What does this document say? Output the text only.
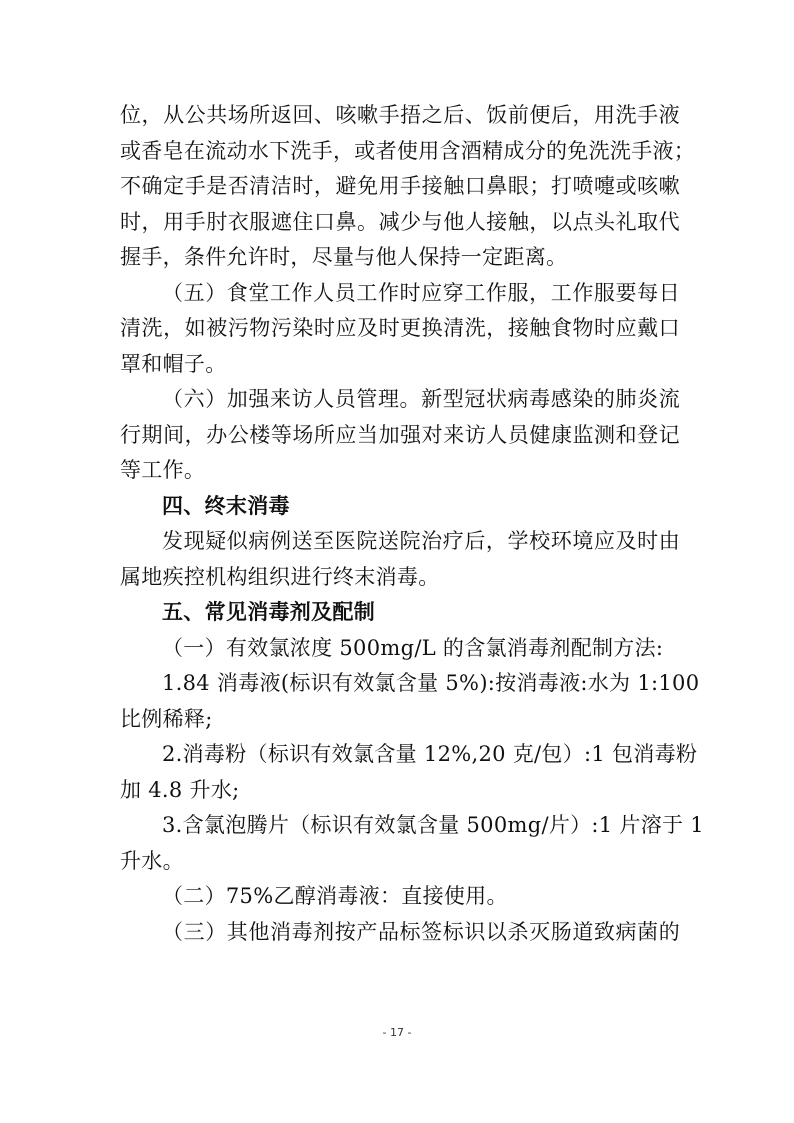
位，从公共场所返回、咳嗽手捂之后、饭前便后，用洗手液
或香皂在流动水下洗手，或者使用含酒精成分的免洗洗手液；
不确定手是否清洁时，避免用手接触口鼻眼；打喷嚏或咳嗽
时，用手肘衣服遮住口鼻。减少与他人接触，以点头礼取代
握手，条件允许时，尽量与他人保持一定距离。
（五）食堂工作人员工作时应穿工作服，工作服要每日
清洗，如被污物污染时应及时更换清洗，接触食物时应戴口
罩和帽子。
（六）加强来访人员管理。新型冠状病毒感染的肺炎流
行期间，办公楼等场所应当加强对来访人员健康监测和登记
等工作。
四、终末消毒
发现疑似病例送至医院送院治疗后，学校环境应及时由
属地疾控机构组织进行终末消毒。
五、常见消毒剂及配制
（一）有效氯浓度 500mg/L 的含氯消毒剂配制方法:
1.84 消毒液(标识有效氯含量 5%):按消毒液:水为 1:100
比例稀释;
2.消毒粉（标识有效氯含量 12%,20 克/包）:1 包消毒粉
加 4.8 升水;
3.含氯泡腾片（标识有效氯含量 500mg/片）:1 片溶于 1
升水。
（二）75%乙醇消毒液：直接使用。
（三）其他消毒剂按产品标签标识以杀灭肠道致病菌的
- 17 -
